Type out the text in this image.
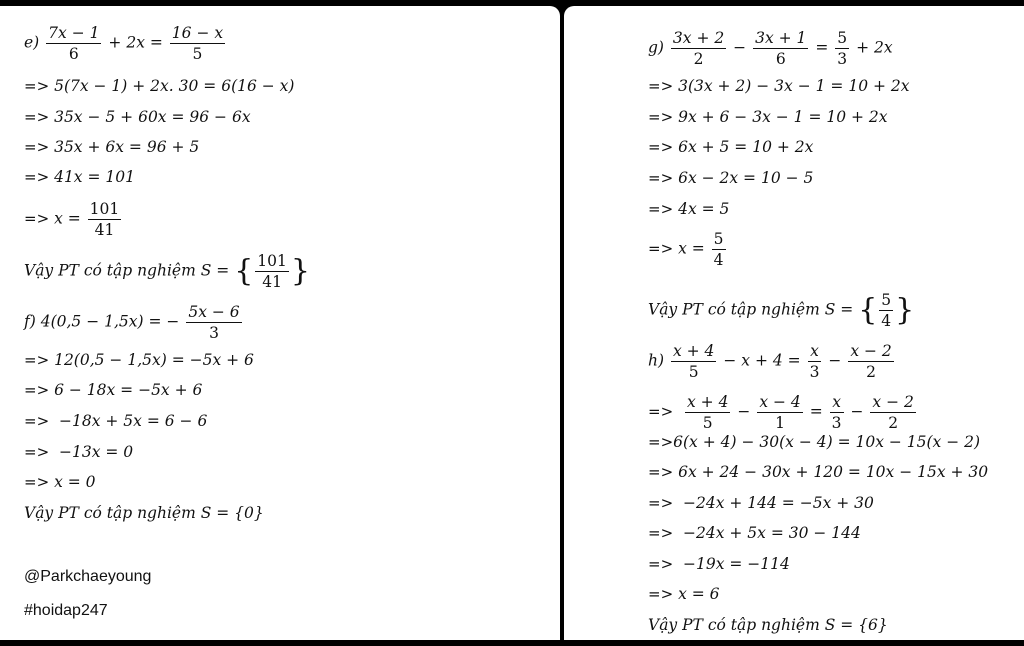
$e) \frac{7x - 1}{6} + 2x = \frac{16 - x}{5}$
=> 5(7x − 1) + 2x. 30 = 6(16 − x)
=> 35x − 5 + 60x = 96 − 6x
=> 35x + 6x = 96 + 5
=> 41x = 101
=> $x = \frac{101}{41}$
Vậy PT có tập nghiệm S = { $\frac{101}{41}$ }
f) 4(0,5 − 1,5x) = − $\frac{5x - 6}{3}$
=> 12(0,5 − 1,5x) = −5x + 6
=> 6 − 18x = −5x + 6
=> −18x + 5x = 6 − 6
=> −13x = 0
=> x = 0
Vậy PT có tập nghiệm S = {0}
@Parkchaeyoung
#hoidap247
$g) \frac{3x + 2}{2} - \frac{3x + 1}{6} = \frac{5}{3} + 2x$
=> 3(3x + 2) − 3x − 1 = 10 + 2x
=> 9x + 6 − 3x − 1 = 10 + 2x
=> 6x + 5 = 10 + 2x
=> 6x − 2x = 10 − 5
=> 4x = 5
=> $x = \frac{5}{4}$
Vậy PT có tập nghiệm S = { $\frac{5}{4}$ }
$h) \frac{x + 4}{5} - x + 4 = \frac{x}{3} - \frac{x - 2}{2}$
=> $\frac{x + 4}{5} - \frac{x - 4}{1} = \frac{x}{3} - \frac{x - 2}{2}$
=>6(x + 4) − 30(x − 4) = 10x − 15(x − 2)
=> 6x + 24 − 30x + 120 = 10x − 15x + 30
=> −24x + 144 = −5x + 30
=> −24x + 5x = 30 − 144
=> −19x = −114
=> x = 6
Vậy PT có tập nghiệm S = {6}
